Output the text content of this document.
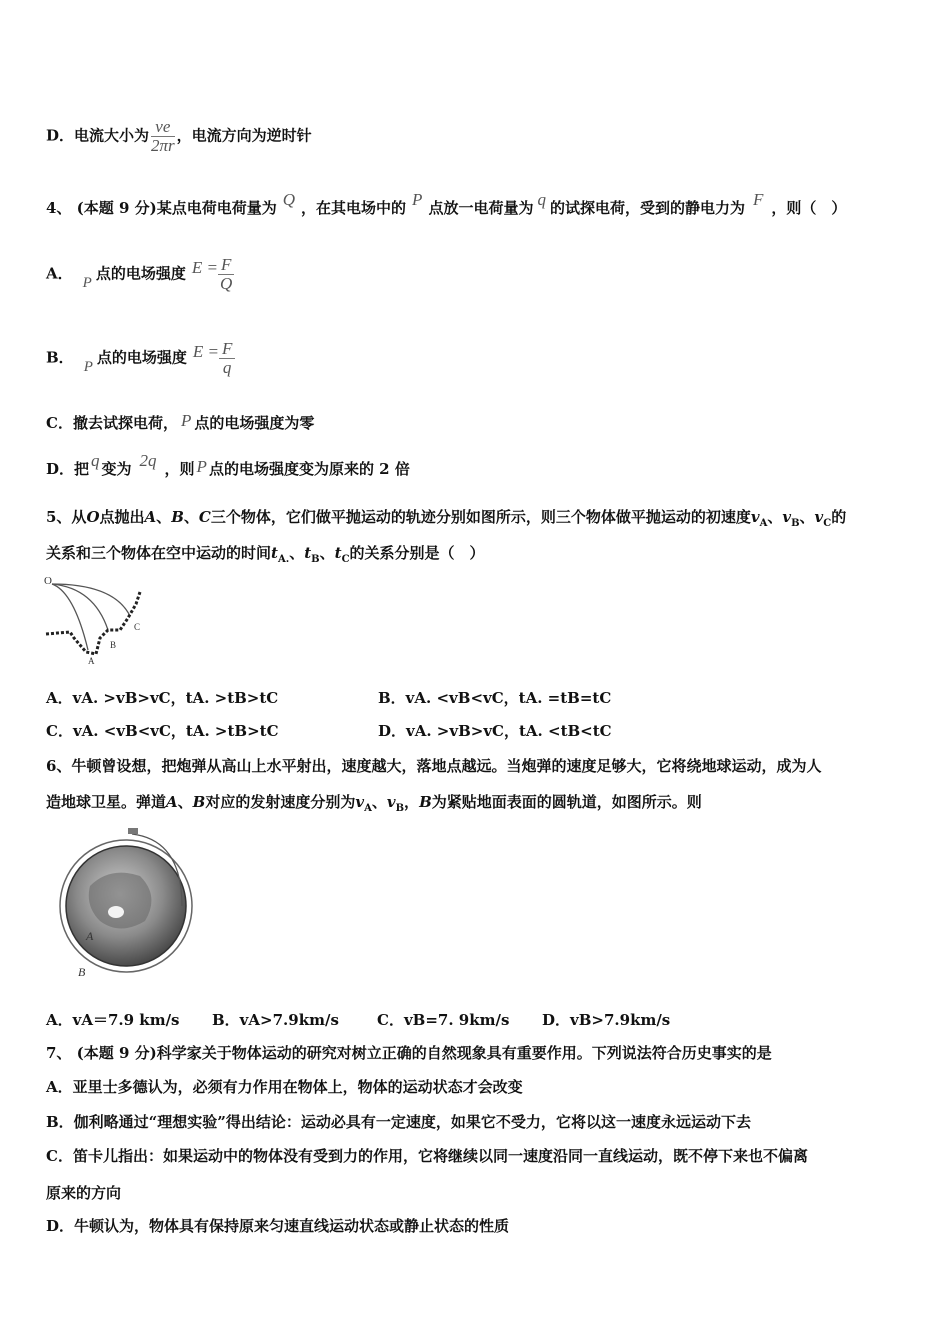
D．电流大小为 $\frac{ve}{2\pi r}$ ，电流方向为逆时针
4、 (本题 9 分)某点电荷电荷量为 Q ，在其电场中的 P 点放一电荷量为 q 的试探电荷，受到的静电力为 F ，则（　）
A． P 点的电场强度 $E = \frac{F}{Q}$
B． P 点的电场强度 $E = \frac{F}{q}$
C．撤去试探电荷， P 点的电场强度为零
D．把 q 变为 2q ，则 P 点的电场强度变为原来的 2 倍
5、从O点抛出A、B、C三个物体，它们做平抛运动的轨迹分别如图所示，则三个物体做平抛运动的初速度$v_A$、$v_B$、$v_C$的
关系和三个物体在空中运动的时间$t_{A.}$、$t_B$、$t_C$的关系分别是（　）
O
A
B
C
A．vA. >vB>vC，tA. >tB>tC	B．vA. <vB<vC，tA. =tB=tC
C．vA. <vB<vC，tA. >tB>tC	D．vA. >vB>vC，tA. <tB<tC
6、牛顿曾设想，把炮弹从高山上水平射出，速度越大，落地点越远。当炮弹的速度足够大，它将绕地球运动，成为人
造地球卫星。弹道A、B对应的发射速度分别为$v_A$、$v_B$，B为紧贴地面表面的圆轨道，如图所示。则
A
B
A．vA＝7.9 km/s B．vA>7.9km/s	C．vB=7. 9km/s D．vB>7.9km/s
7、 (本题 9 分)科学家关于物体运动的研究对树立正确的自然现象具有重要作用。下列说法符合历史事实的是
A．亚里士多德认为，必须有力作用在物体上，物体的运动状态才会改变
B．伽利略通过“理想实验”得出结论：运动必具有一定速度，如果它不受力，它将以这一速度永远运动下去
C．笛卡儿指出：如果运动中的物体没有受到力的作用，它将继续以同一速度沿同一直线运动，既不停下来也不偏离
原来的方向
D．牛顿认为，物体具有保持原来匀速直线运动状态或静止状态的性质
